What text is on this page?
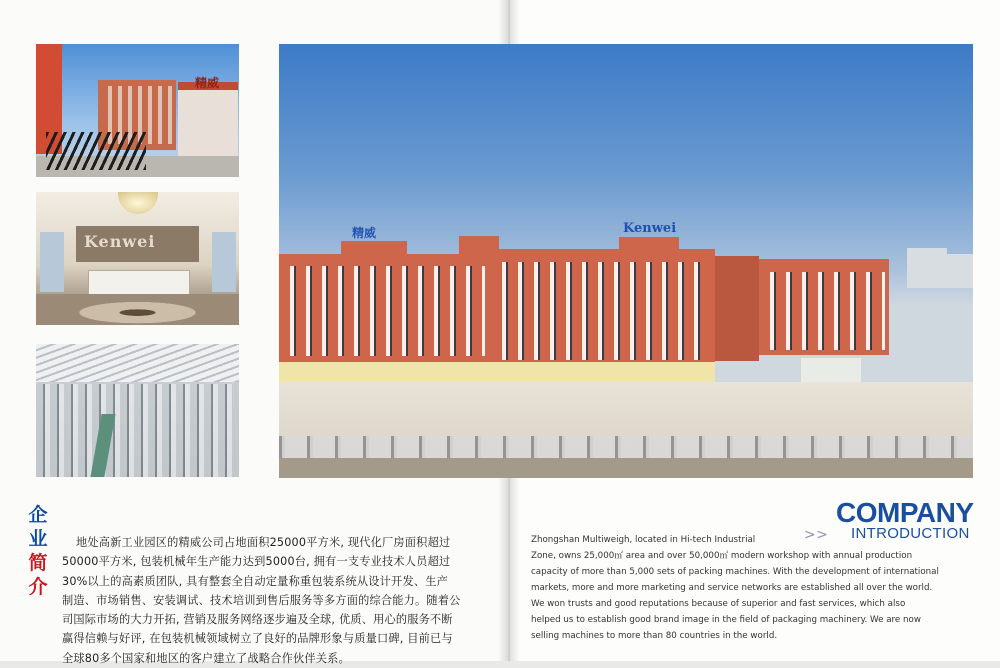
精威
Kenwei	精威	Kenwei
企
业
简
介

地处高新工业园区的精威公司占地面积25000平方米, 现代化厂房面积超过

50000平方米, 包装机械年生产能力达到5000台, 拥有一支专业技术人员超过

30%以上的高素质团队, 具有整套全自动定量称重包装系统从设计开发、生产

制造、市场销售、安装调试、技术培训到售后服务等多方面的综合能力。随着公

司国际市场的大力开拓, 营销及服务网络逐步遍及全球, 优质、用心的服务不断

赢得信赖与好评, 在包装机械领域树立了良好的品牌形象与质量口碑, 目前已与

全球80多个国家和地区的客户建立了战略合作伙伴关系。

COMPANY
> > INTRODUCTION
Zhongshan Multiweigh, located in Hi-tech Industrial

Zone, owns 25,000㎡ area and over 50,000㎡ modern workshop with annual production

capacity of more than 5,000 sets of packing machines. With the development of international

markets, more and more marketing and service networks are established all over the world.

We won trusts and good reputations because of superior and fast services, which also

helped us to establish good brand image in the field of packaging machinery. We are now

selling machines to more than 80 countries in the world.
